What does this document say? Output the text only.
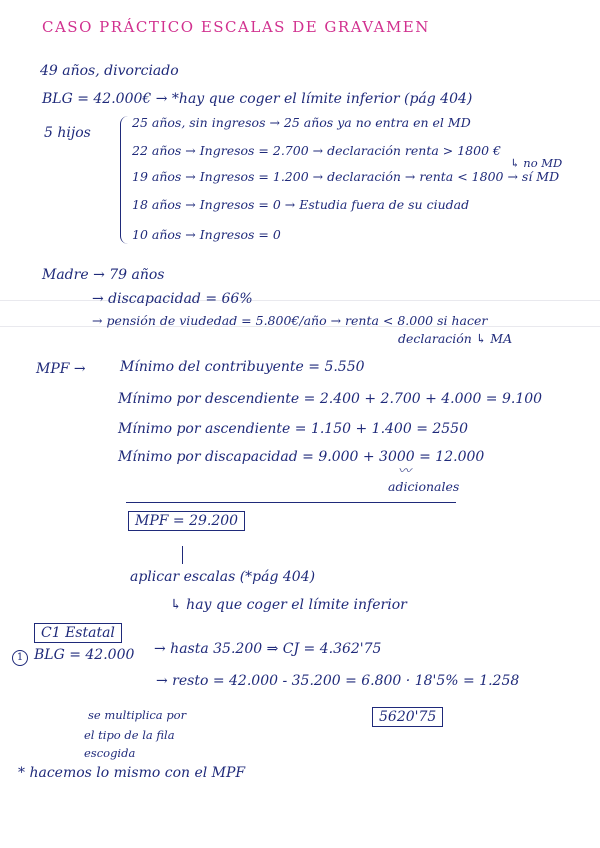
CASO PRÁCTICO ESCALAS DE GRAVAMEN
49 años, divorciado
BLG = 42.000€ → *hay que coger el límite inferior (pág 404)
5 hijos
25 años, sin ingresos → 25 años ya no entra en el MD
22 años → Ingresos = 2.700 → declaración renta > 1800 €
↳ no MD
19 años → Ingresos = 1.200 → declaración → renta < 1800 → sí MD
18 años → Ingresos = 0 → Estudia fuera de su ciudad
10 años → Ingresos = 0
Madre → 79 años
→ discapacidad = 66%
→ pensión de viudedad = 5.800€/año → renta < 8.000 si hacer
declaración ↳ MA
MPF → Mínimo del contribuyente = 5.550
Mínimo por descendiente = 2.400 + 2.700 + 4.000 = 9.100
Mínimo por ascendiente = 1.150 + 1.400 = 2550
Mínimo por discapacidad = 9.000 + 3000 = 12.000
〰
adicionales
MPF = 29.200
aplicar escalas (*pág 404)
↳ hay que coger el límite inferior
C1 Estatal
1 BLG = 42.000 → hasta 35.200 ⇒ CJ = 4.362'75
→ resto = 42.000 - 35.200 = 6.800 · 18'5% = 1.258
5620'75
se multiplica por
el tipo de la fila
escogida
* hacemos lo mismo con el MPF
